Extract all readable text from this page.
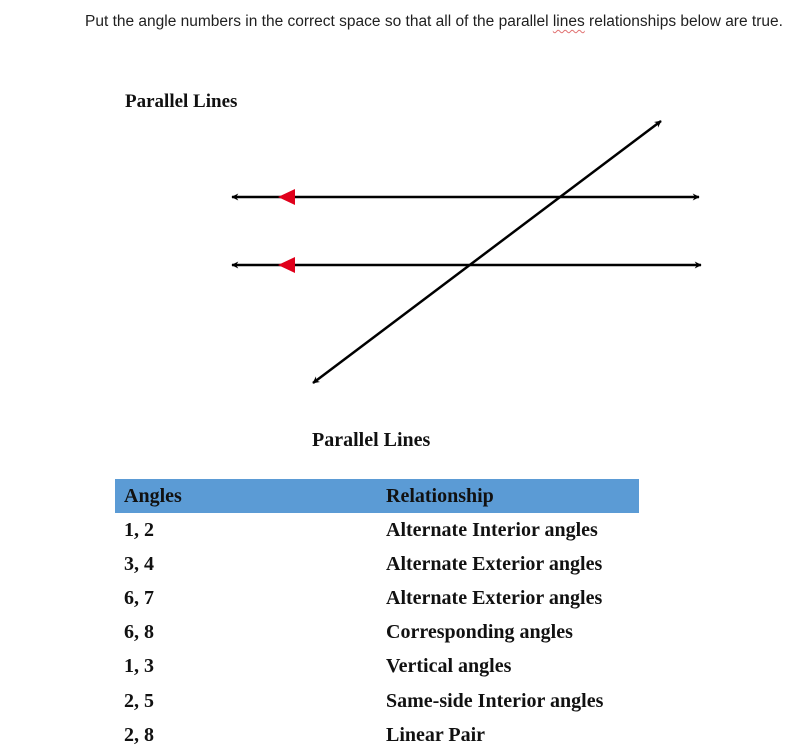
Put the angle numbers in the correct space so that all of the parallel lines relationships below are true.
Parallel Lines
Parallel Lines
Angles	Relationship
1, 2	Alternate Interior angles
3, 4	Alternate Exterior angles
6, 7	Alternate Exterior angles
6, 8	Corresponding angles
1, 3	Vertical angles
2, 5	Same-side Interior angles
2, 8	Linear Pair
